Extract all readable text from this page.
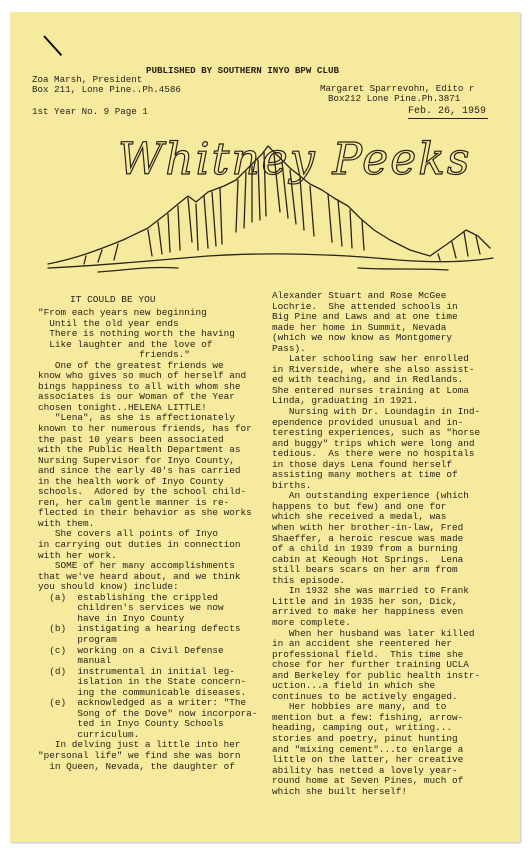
PUBLISHED BY SOUTHERN INYO BPW CLUB
Zoa Marsh, President
Box 211, Lone Pine..Ph.4586	Margaret Sparrevohn, Edito r
Box212 Lone Pine.Ph.3871
1st Year No. 9 Page 1	Feb. 26, 1959
Whitney Peeks
IT COULD BE YOU
"From each years new beginning
Until the old year ends
There is nothing worth the having
Like laughter and the love of
friends."
One of the greatest friends we
know who gives so much of herself and
bings happiness to all with whom she
associates is our Woman of the Year
chosen tonight..HELENA LITTLE!
"Lena", as she is affectionately
known to her numerous friends, has for
the past 10 years been associated
with the Public Health Department as
Nursing Supervisor for Inyo County,
and since the early 40's has carried
in the health work of Inyo County
schools.  Adored by the school child-
ren, her calm gentle manner is re-
flected in their behavior as she works
with them.
She covers all points of Inyo
in carrying out duties in connection
with her work.
SOME of her many accomplishments
that we've heard about, and we think
you should know) include:
(a)  establishing the crippled
children's services we now
have in Inyo County
(b)  instigating a hearing defects
program
(c)  working on a Civil Defense
manual
(d)  instrumental in initial leg-
islation in the State concern-
ing the communicable diseases.
(e)  acknowledged as a writer: "The
Song of the Dove" now incorpora-
ted in Inyo County Schools
curriculum.
In delving just a little into her
"personal life" we find she was born
in Queen, Nevada, the daughter of
Alexander Stuart and Rose McGee
Lochrie.  She attended schools in
Big Pine and Laws and at one time
made her home in Summit, Nevada
(which we now know as Montgomery
Pass).
Later schooling saw her enrolled
in Riverside, where she also assist-
ed with teaching, and in Redlands.
She entered nurses training at Loma
Linda, graduating in 1921.
Nursing with Dr. Loundagin in Ind-
ependence provided unusual and in-
teresting experiences, such as "horse
and buggy" trips which were long and
tedious.  As there were no hospitals
in those days Lena found herself
assisting many mothers at time of
births.
An outstanding experience (which
happens to but few) and one for
which she received a medal, was
when with her brother-in-law, Fred
Shaeffer, a heroic rescue was made
of a child in 1939 from a burning
cabin at Keough Hot Springs.  Lena
still bears scars on her arm from
this episode.
In 1932 she was married to Frank
Little and in 1935 her son, Dick,
arrived to make her happiness even
more complete.
When her husband was later killed
in an accident she reentered her
professional field.  This time she
chose for her further training UCLA
and Berkeley for public health instr-
uction...a field in which she
continues to be actively engaged.
Her hobbies are many, and to
mention but a few: fishing, arrow-
heading, camping out, writing...
stories and poetry, pinut hunting
and "mixing cement"...to enlarge a
little on the latter, her creative
ability has netted a lovely year-
round home at Seven Pines, much of
which she built herself!
